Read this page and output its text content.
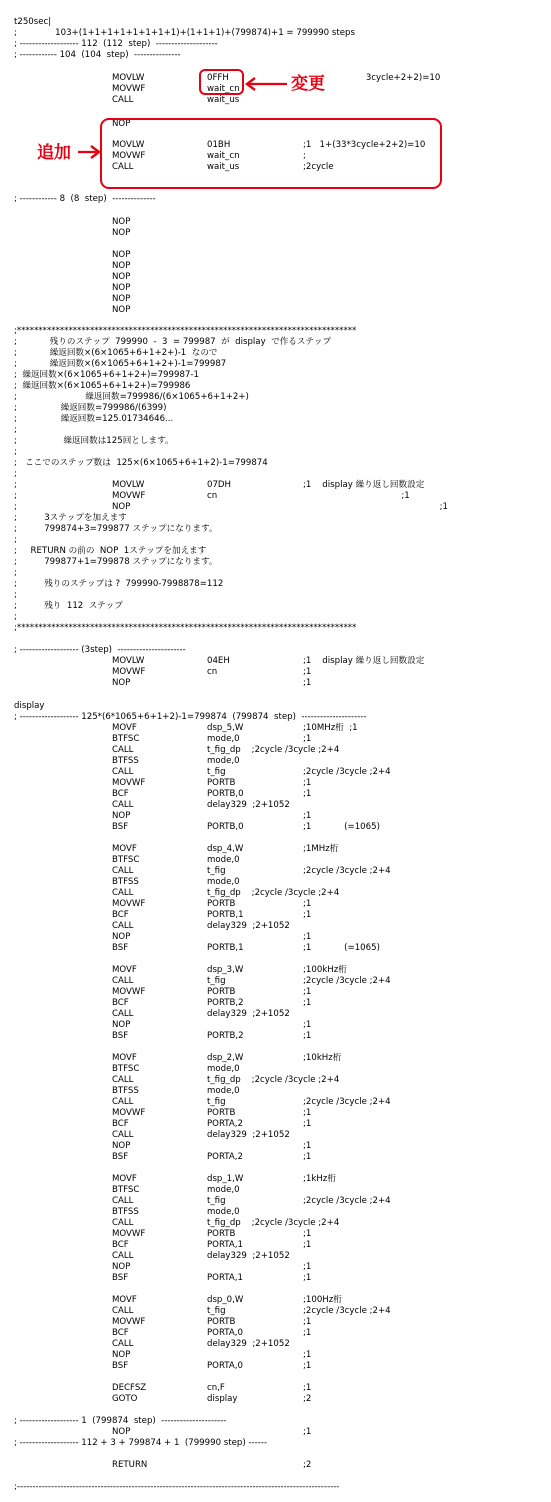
t250sec|
;              103+(1+1+1+1+1+1+1+1)+(1+1+1)+(799874)+1 = 799990 steps
; ------------------- 112  (112  step)  --------------------
; ------------ 104  (104  step)  ---------------
MOVLW	0FFH	3cycle+2+2)=10
MOVWF	wait_cn
CALL	wait_us
NOP
MOVLW	01BH	;1   1+(33*3cycle+2+2)=10
MOVWF	wait_cn	;
CALL	wait_us	;2cycle
; ------------ 8  (8  step)  --------------
NOP
NOP
NOP
NOP
NOP
NOP
NOP
NOP
;*******************************************************************************
;            残りのステップ  799990  -  3  = 799987  が  display  で作るステップ
;            繰返回数×(6×1065+6+1+2+)-1  なので
;            繰返回数×(6×1065+6+1+2+)-1=799987
;  繰返回数×(6×1065+6+1+2+)=799987-1
;  繰返回数×(6×1065+6+1+2+)=799986
;                         繰返回数=799986/(6×1065+6+1+2+)
;                繰返回数=799986/(6399)
;                繰返回数=125.01734646...
;
;                 繰返回数は125回とします。
;
;   ここでのステップ数は  125×(6×1065+6+1+2)-1=799874
;
;	MOVLW	07DH	;1    display 繰り返し回数設定
;	MOVWF	cn	;1
;	NOP	;1
;          3ステップを加えます
;          799874+3=799877 ステップになります。
;
;     RETURN の前の  NOP  1ステップを加えます
;          799877+1=799878 ステップになります。
;
;          残りのステップは ?  799990-7998878=112
;
;          残り  112  ステップ
;
;*******************************************************************************
; ------------------- (3step)  ----------------------
MOVLW	04EH	;1    display 繰り返し回数設定
MOVWF	cn	;1
NOP	;1
display
; ------------------- 125*(6*1065+6+1+2)-1=799874  (799874  step)  ---------------------
MOVF	dsp_5,W	;10MHz桁  ;1
BTFSC	mode,0	;1
CALL	t_fig_dp    ;2cycle /3cycle ;2+4
BTFSS	mode,0
CALL	t_fig	;2cycle /3cycle ;2+4
MOVWF	PORTB	;1
BCF	PORTB,0	;1
CALL	delay329  ;2+1052
NOP	;1
BSF	PORTB,0	;1            (=1065)
MOVF	dsp_4,W	;1MHz桁
BTFSC	mode,0
CALL	t_fig	;2cycle /3cycle ;2+4
BTFSS	mode,0
CALL	t_fig_dp    ;2cycle /3cycle ;2+4
MOVWF	PORTB	;1
BCF	PORTB,1	;1
CALL	delay329  ;2+1052
NOP	;1
BSF	PORTB,1	;1            (=1065)
MOVF	dsp_3,W	;100kHz桁
CALL	t_fig	;2cycle /3cycle ;2+4
MOVWF	PORTB	;1
BCF	PORTB,2	;1
CALL	delay329  ;2+1052
NOP	;1
BSF	PORTB,2	;1
MOVF	dsp_2,W	;10kHz桁
BTFSC	mode,0
CALL	t_fig_dp    ;2cycle /3cycle ;2+4
BTFSS	mode,0
CALL	t_fig	;2cycle /3cycle ;2+4
MOVWF	PORTB	;1
BCF	PORTA,2	;1
CALL	delay329  ;2+1052
NOP	;1
BSF	PORTA,2	;1
MOVF	dsp_1,W	;1kHz桁
BTFSC	mode,0
CALL	t_fig	;2cycle /3cycle ;2+4
BTFSS	mode,0
CALL	t_fig_dp    ;2cycle /3cycle ;2+4
MOVWF	PORTB	;1
BCF	PORTA,1	;1
CALL	delay329  ;2+1052
NOP	;1
BSF	PORTA,1	;1
MOVF	dsp_0,W	;100Hz桁
CALL	t_fig	;2cycle /3cycle ;2+4
MOVWF	PORTB	;1
BCF	PORTA,0	;1
CALL	delay329  ;2+1052
NOP	;1
BSF	PORTA,0	;1
DECFSZ	cn,F	;1
GOTO	display	;2
; ------------------- 1  (799874  step)  ---------------------
NOP	;1
; ------------------- 112 + 3 + 799874 + 1  (799990 step) ------
RETURN	;2
;--------------------------------------------------------------------------------------------------------
変更
追加
